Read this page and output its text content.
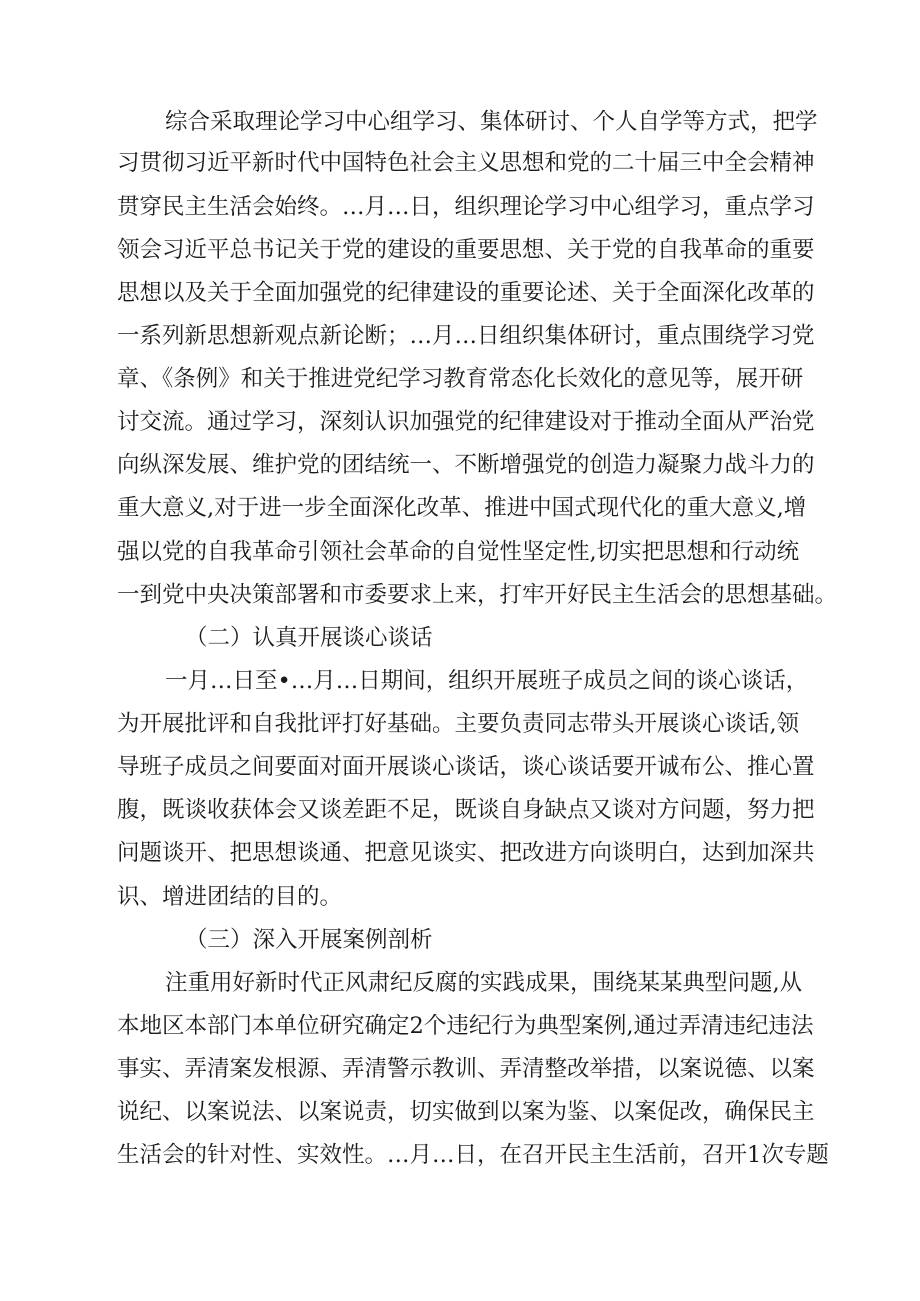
综合采取理论学习中心组学习、集体研讨、个人自学等方式，把学
习贯彻习近平新时代中国特色社会主义思想和党的二十届三中全会精神
贯穿民主生活会始终。…月…日，组织理论学习中心组学习，重点学习
领会习近平总书记关于党的建设的重要思想、关于党的自我革命的重要
思想以及关于全面加强党的纪律建设的重要论述、关于全面深化改革的
一系列新思想新观点新论断；…月…日组织集体研讨，重点围绕学习党
章、《条例》和关于推进党纪学习教育常态化长效化的意见等，展开研
讨交流。通过学习，深刻认识加强党的纪律建设对于推动全面从严治党
向纵深发展、维护党的团结统一、不断增强党的创造力凝聚力战斗力的
重大意义,对于进一步全面深化改革、推进中国式现代化的重大意义,增
强以党的自我革命引领社会革命的自觉性坚定性,切实把思想和行动统
一到党中央决策部署和市委要求上来，打牢开好民主生活会的思想基础。
（二）认真开展谈心谈话
一月…日至•…月…日期间，组织开展班子成员之间的谈心谈话，
为开展批评和自我批评打好基础。主要负责同志带头开展谈心谈话,领
导班子成员之间要面对面开展谈心谈话，谈心谈话要开诚布公、推心置
腹，既谈收获体会又谈差距不足，既谈自身缺点又谈对方问题，努力把
问题谈开、把思想谈通、把意见谈实、把改进方向谈明白，达到加深共
识、增进团结的目的。
（三）深入开展案例剖析
注重用好新时代正风肃纪反腐的实践成果，围绕某某典型问题,从
本地区本部门本单位研究确定2个违纪行为典型案例,通过弄清违纪违法
事实、弄清案发根源、弄清警示教训、弄清整改举措，以案说德、以案
说纪、以案说法、以案说责，切实做到以案为鉴、以案促改，确保民主
生活会的针对性、实效性。…月…日，在召开民主生活前，召开1次专题
